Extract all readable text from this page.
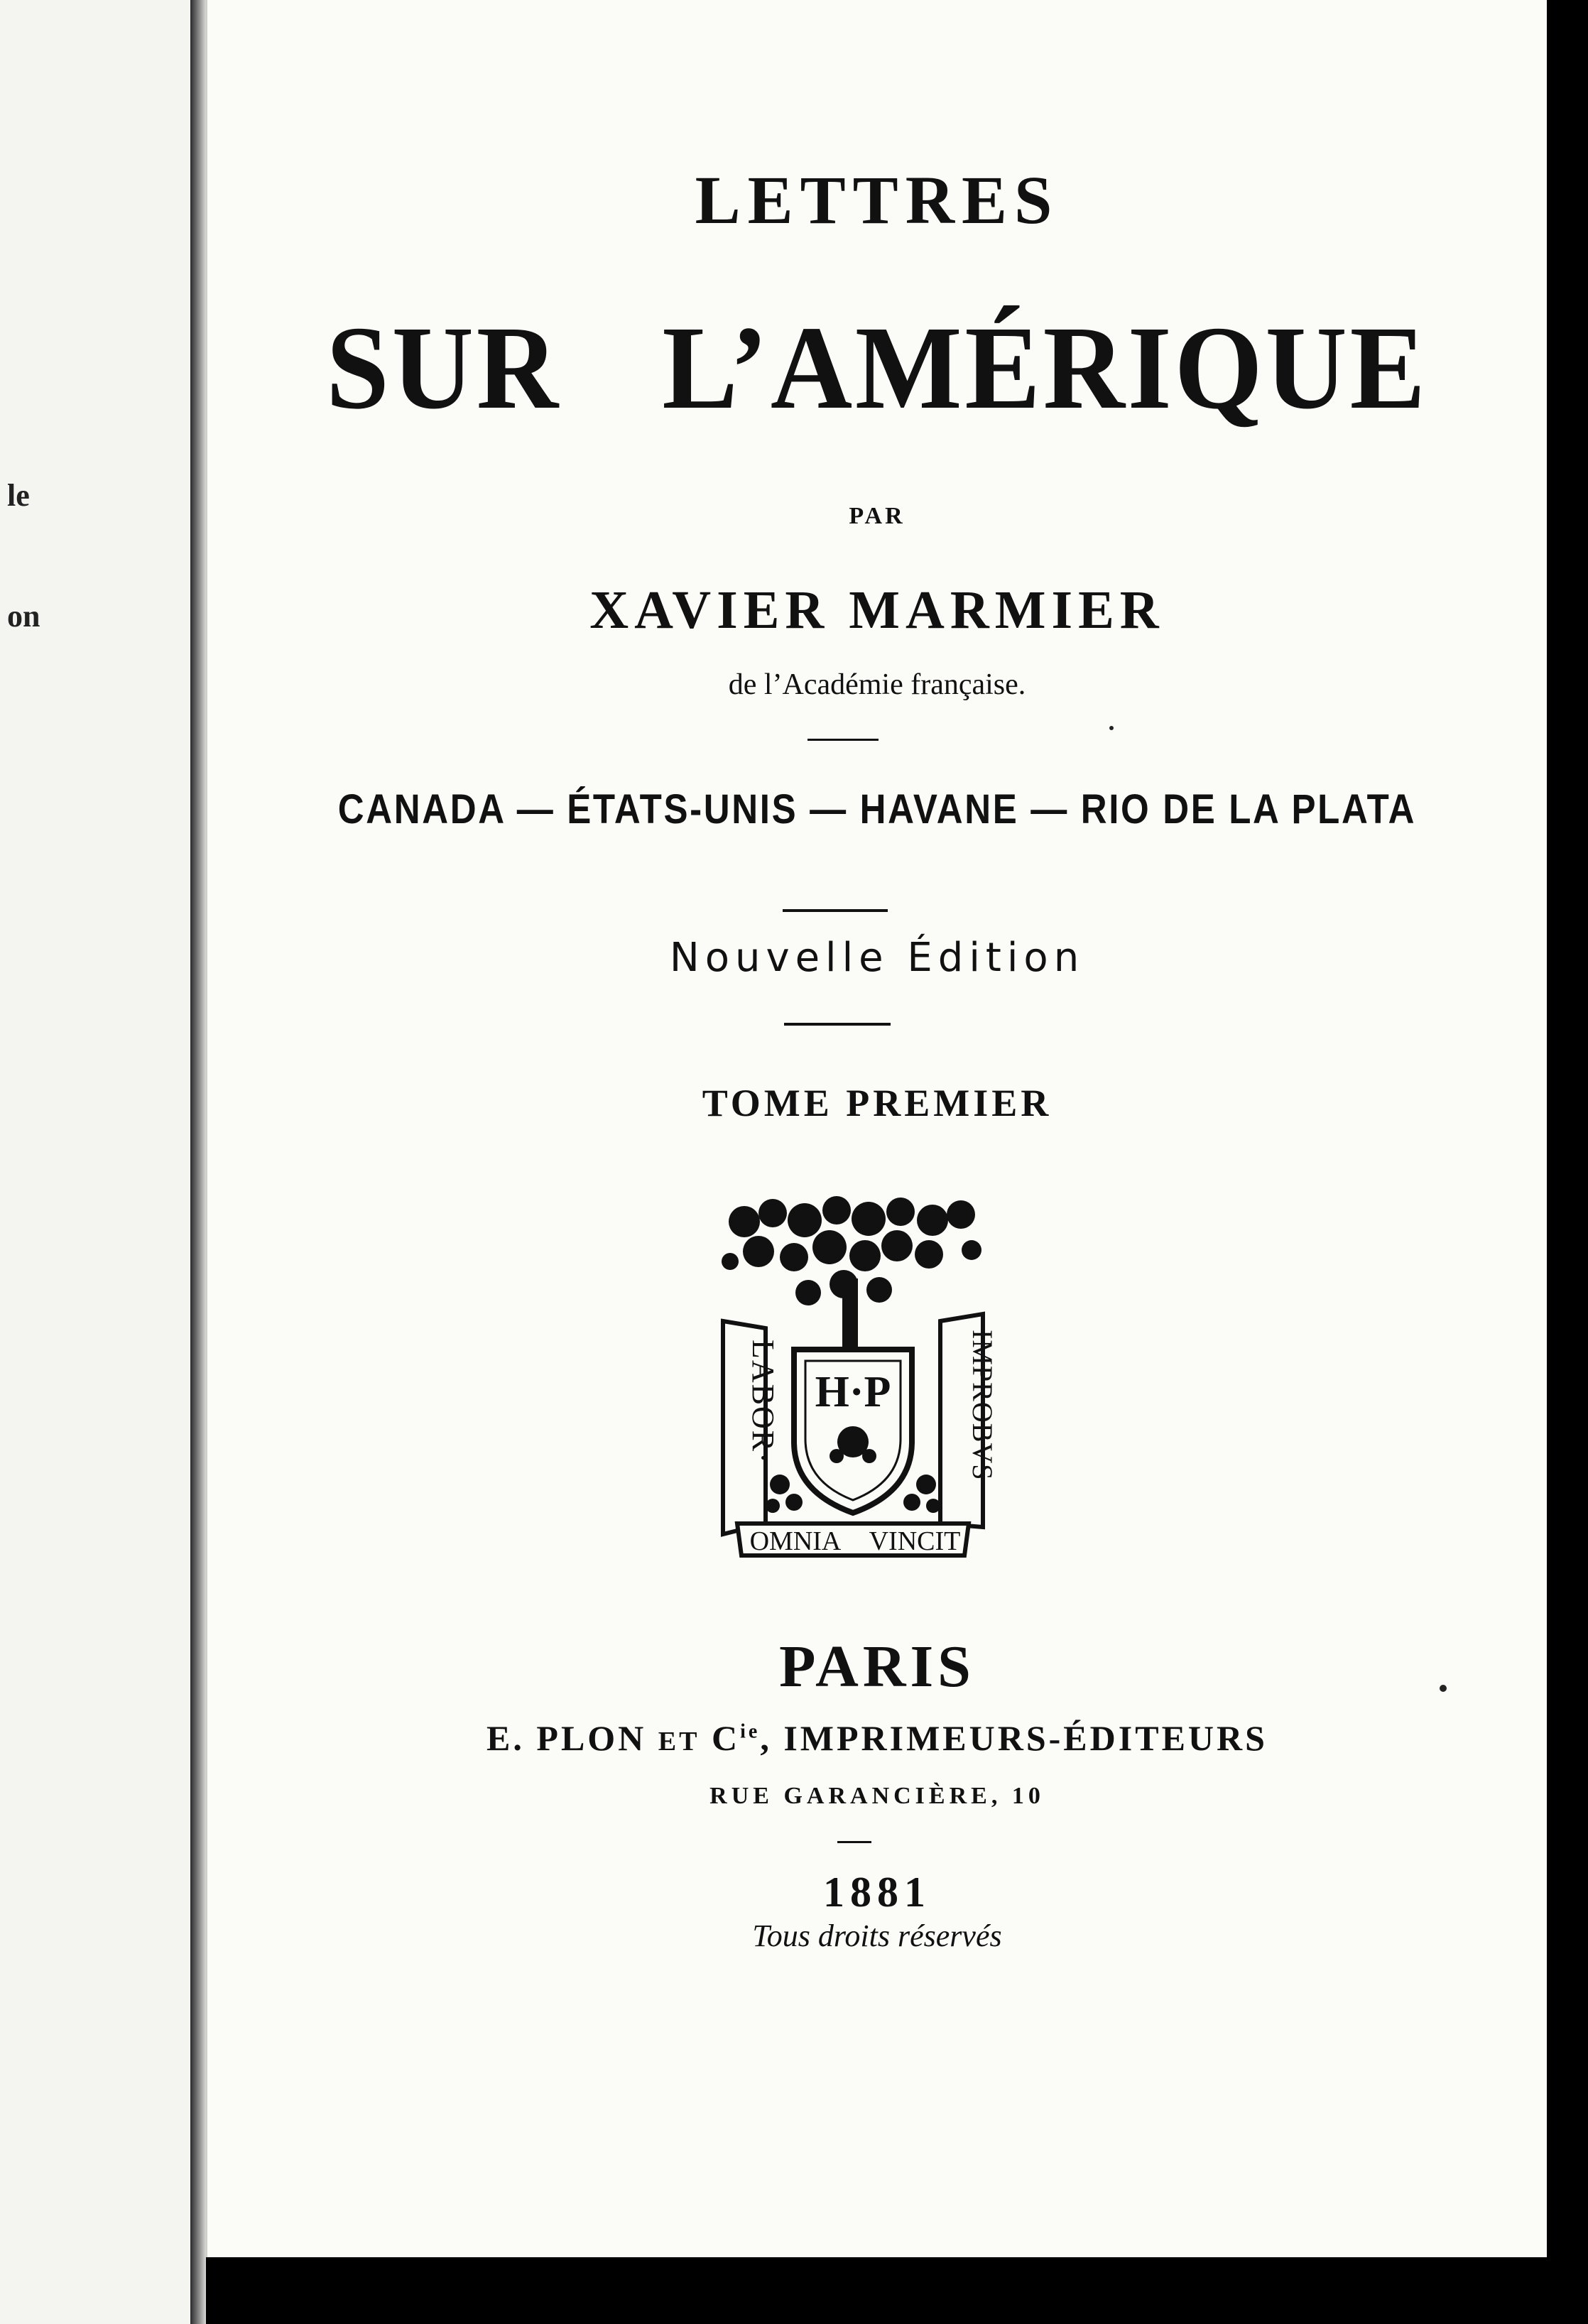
le
on
LETTRES
SUR L’AMÉRIQUE
PAR
XAVIER MARMIER
de l’Académie française.
CANADA — ÉTATS-UNIS — HAVANE — RIO DE LA PLATA
Nouvelle Édition
TOME PREMIER
H·P
LABOR·	IMPROBVS·
OMNIA VINCIT
PARIS
E. PLON ET $C^{ie}$, IMPRIMEURS-ÉDITEURS
RUE GARANCIÈRE, 10
1881
Tous droits réservés
